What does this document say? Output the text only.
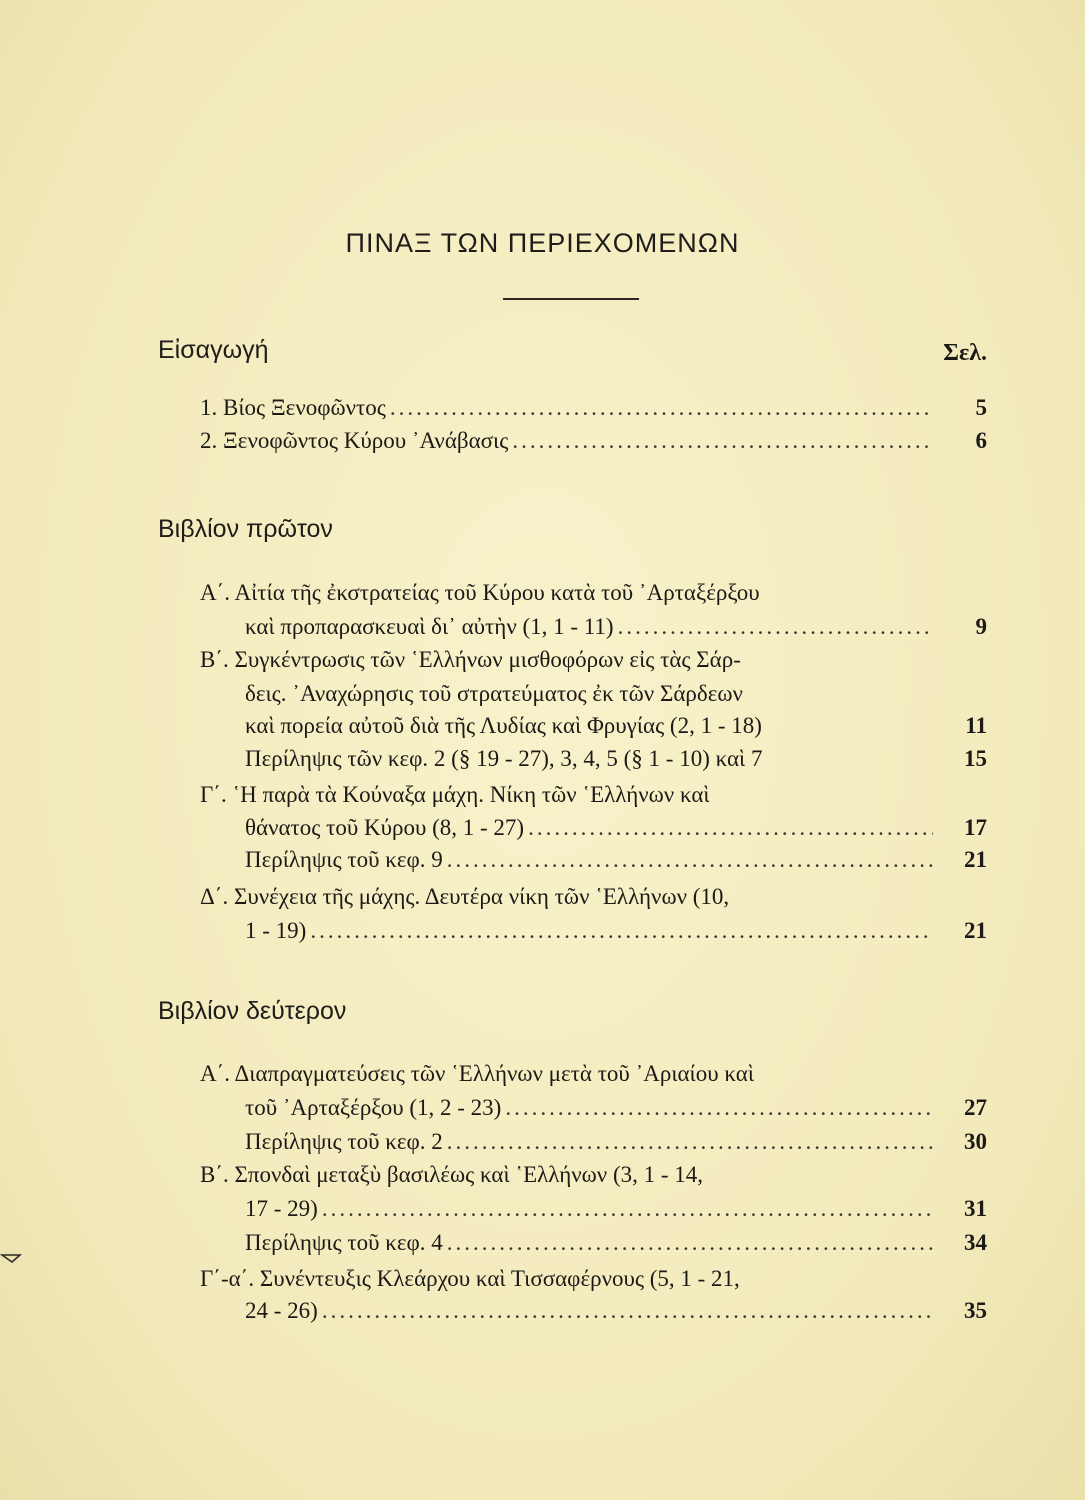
ΠΙΝΑΞ ΤΩΝ ΠΕΡΙΕΧΟΜΕΝΩΝ
Εἰσαγωγή	Σελ.
1. Βίος Ξενοφῶντος .....	5
2. Ξενοφῶντος Κύρου ᾿Ανάβασις .....	6
Βιβλίον πρῶτον
Α΄. Αἰτία τῆς ἐκστρατείας τοῦ Κύρου κατὰ τοῦ ᾿Αρταξέρξου
καὶ προπαρασκευαὶ δι᾿ αὐτὴν (1, 1 - 11) .....	9
Β΄. Συγκέντρωσις τῶν ῾Ελλήνων μισθοφόρων εἰς τὰς Σάρ-
δεις. ᾿Αναχώρησις τοῦ στρατεύματος ἐκ τῶν Σάρδεων
καὶ πορεία αὐτοῦ διὰ τῆς Λυδίας καὶ Φρυγίας (2, 1 - 18)	11
Περίληψις τῶν κεφ. 2 (§ 19 - 27), 3, 4, 5 (§ 1 - 10) καὶ 7	15
Γ΄. ῾Η παρὰ τὰ Κούναξα μάχη. Νίκη τῶν ῾Ελλήνων καὶ
θάνατος τοῦ Κύρου (8, 1 - 27) .....	17
Περίληψις τοῦ κεφ. 9 .....	21
Δ΄. Συνέχεια τῆς μάχης. Δευτέρα νίκη τῶν ῾Ελλήνων (10,
1 - 19) .....	21
Βιβλίον δεύτερον
Α΄. Διαπραγματεύσεις τῶν ῾Ελλήνων μετὰ τοῦ ᾿Αριαίου καὶ
τοῦ ᾿Αρταξέρξου (1, 2 - 23) .....	27
Περίληψις τοῦ κεφ. 2 .....	30
Β΄. Σπονδαὶ μεταξὺ βασιλέως καὶ ῾Ελλήνων (3, 1 - 14,
17 - 29) .....	31
Περίληψις τοῦ κεφ. 4 .....	34
Γ΄-α΄. Συνέντευξις Κλεάρχου καὶ Τισσαφέρνους (5, 1 - 21,
24 - 26) .....	35
